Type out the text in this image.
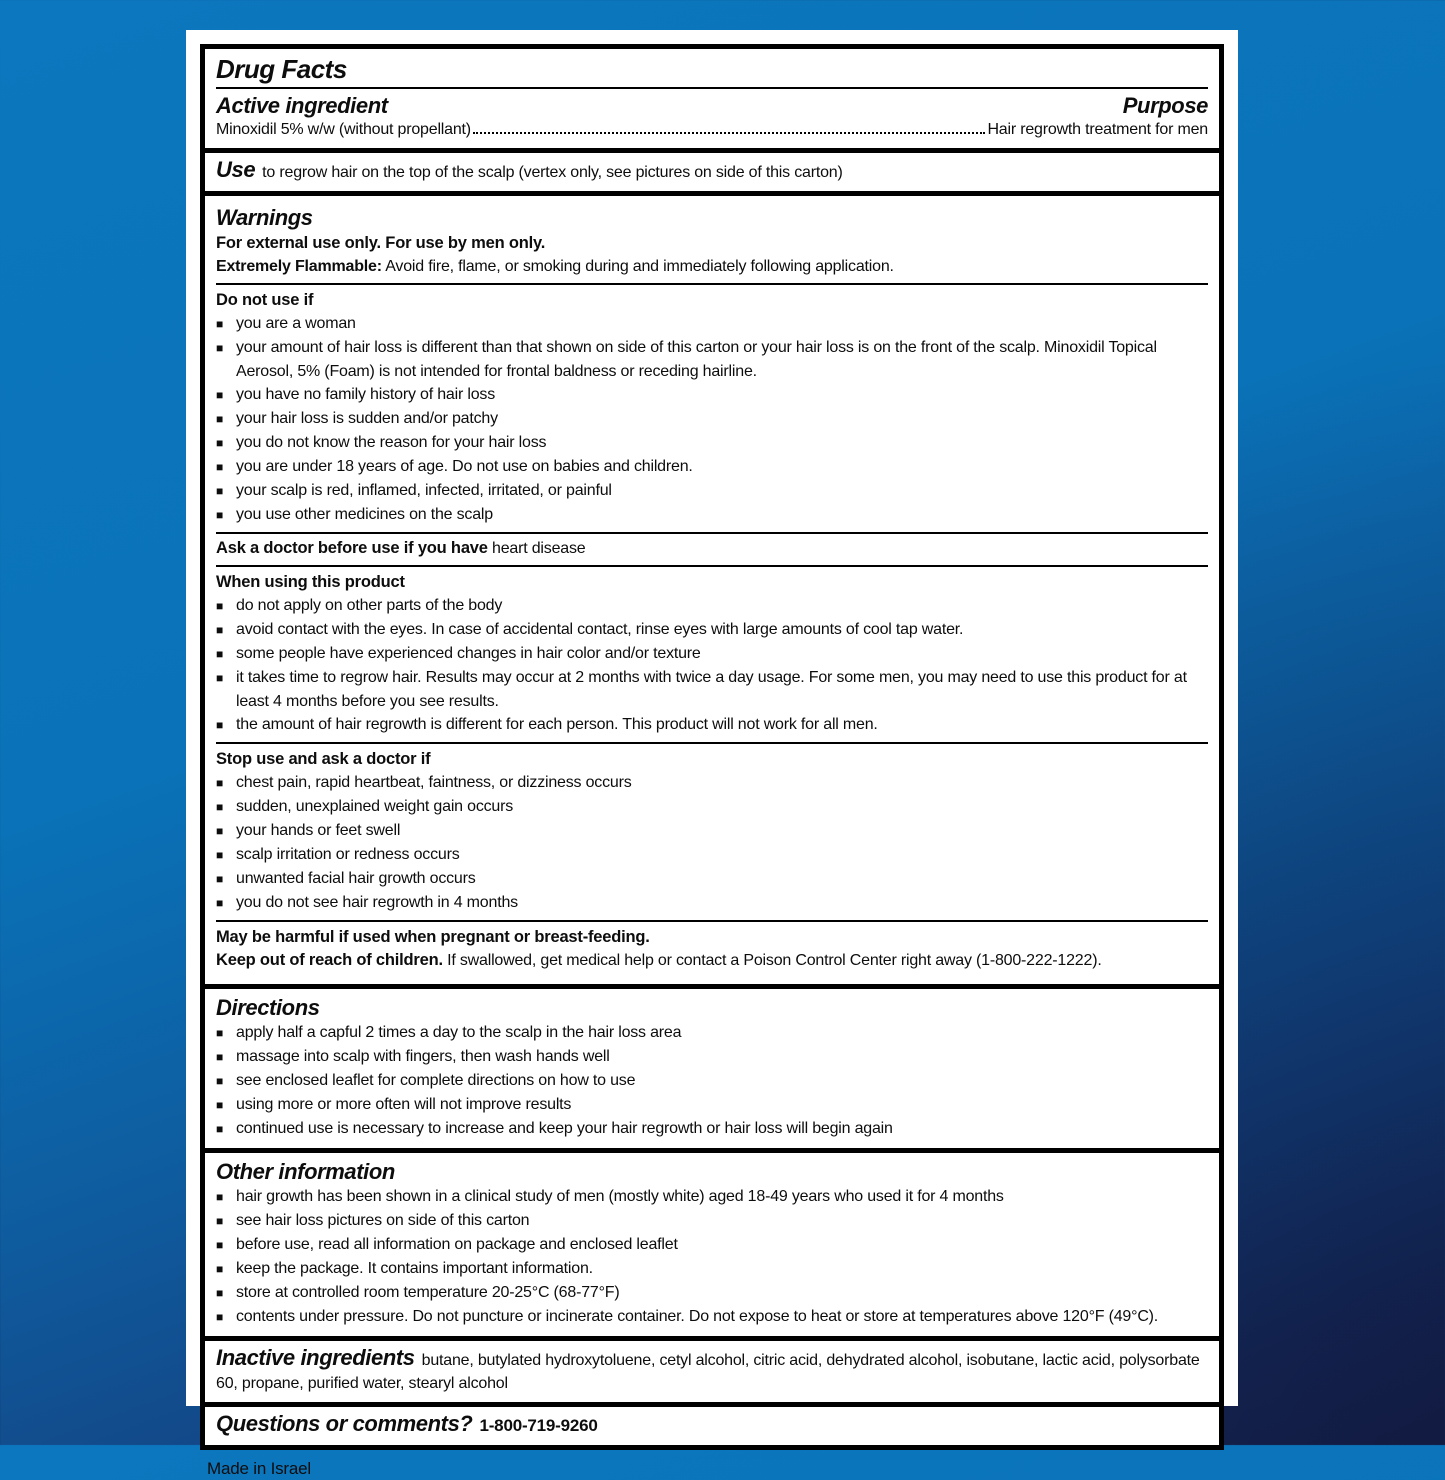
Drug Facts
Active ingredient	Purpose
Minoxidil 5% w/w (without propellant)	Hair regrowth treatment for men

Use to regrow hair on the top of the scalp (vertex only, see pictures on side of this carton)

Warnings
For external use only. For use by men only.
Extremely Flammable: Avoid fire, flame, or smoking during and immediately following application.
Do not use if
■ you are a woman
■ your amount of hair loss is different than that shown on side of this carton or your hair loss is on the front of the scalp. Minoxidil Topical Aerosol, 5% (Foam) is not intended for frontal baldness or receding hairline.
■ you have no family history of hair loss
■ your hair loss is sudden and/or patchy
■ you do not know the reason for your hair loss
■ you are under 18 years of age. Do not use on babies and children.
■ your scalp is red, inflamed, infected, irritated, or painful
■ you use other medicines on the scalp
Ask a doctor before use if you have heart disease
When using this product
■ do not apply on other parts of the body
■ avoid contact with the eyes. In case of accidental contact, rinse eyes with large amounts of cool tap water.
■ some people have experienced changes in hair color and/or texture
■ it takes time to regrow hair. Results may occur at 2 months with twice a day usage. For some men, you may need to use this product for at least 4 months before you see results.
■ the amount of hair regrowth is different for each person. This product will not work for all men.
Stop use and ask a doctor if
■ chest pain, rapid heartbeat, faintness, or dizziness occurs
■ sudden, unexplained weight gain occurs
■ your hands or feet swell
■ scalp irritation or redness occurs
■ unwanted facial hair growth occurs
■ you do not see hair regrowth in 4 months
May be harmful if used when pregnant or breast-feeding.
Keep out of reach of children. If swallowed, get medical help or contact a Poison Control Center right away (1-800-222-1222).
Directions
■ apply half a capful 2 times a day to the scalp in the hair loss area
■ massage into scalp with fingers, then wash hands well
■ see enclosed leaflet for complete directions on how to use
■ using more or more often will not improve results
■ continued use is necessary to increase and keep your hair regrowth or hair loss will begin again
Other information
■ hair growth has been shown in a clinical study of men (mostly white) aged 18-49 years who used it for 4 months
■ see hair loss pictures on side of this carton
■ before use, read all information on package and enclosed leaflet
■ keep the package. It contains important information.
■ store at controlled room temperature 20-25°C (68-77°F)
■ contents under pressure. Do not puncture or incinerate container. Do not expose to heat or store at temperatures above 120°F (49°C).

Inactive ingredients butane, butylated hydroxytoluene, cetyl alcohol, citric acid, dehydrated alcohol, isobutane, lactic acid, polysorbate 60, propane, purified water, stearyl alcohol

Questions or comments? 1-800-719-9260

Made in Israel
